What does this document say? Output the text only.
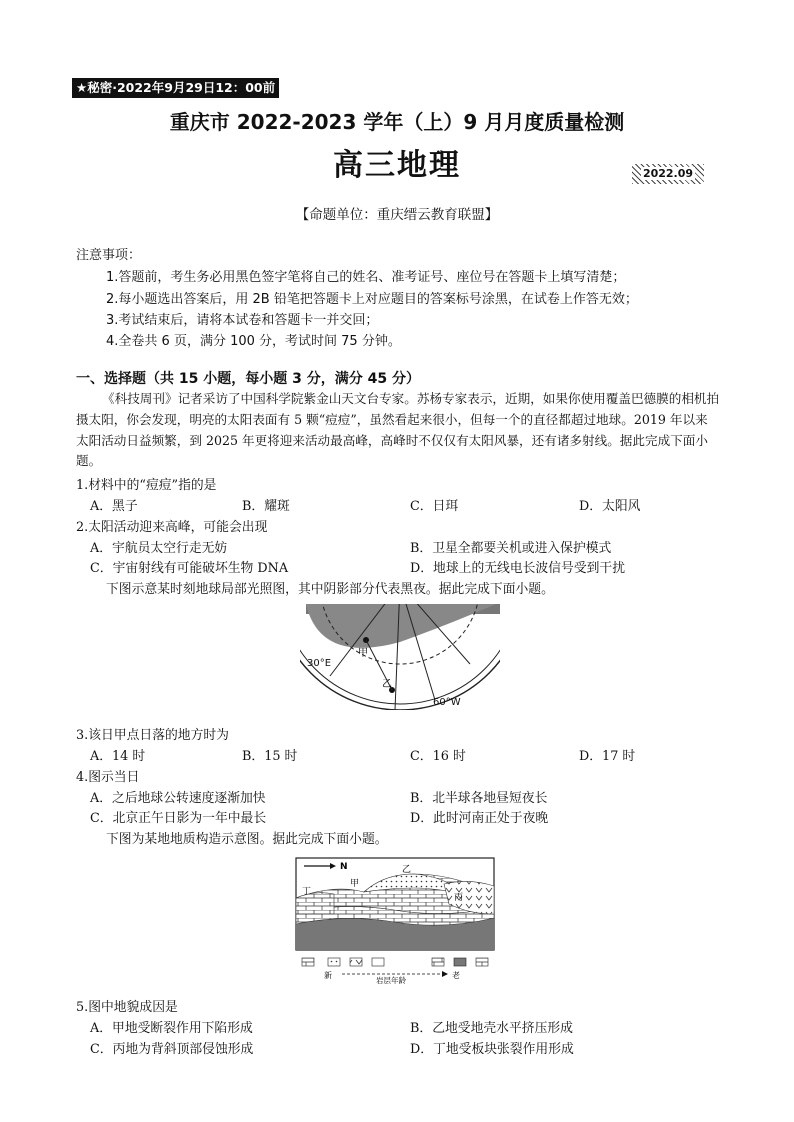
★秘密·2022年9月29日12：00前
重庆市 2022-2023 学年（上）9 月月度质量检测
高三地理	2022.09
【命题单位：重庆缙云教育联盟】
注意事项：
1.答题前，考生务必用黑色签字笔将自己的姓名、准考证号、座位号在答题卡上填写清楚；
2.每小题选出答案后，用 2B 铅笔把答题卡上对应题目的答案标号涂黑，在试卷上作答无效；
3.考试结束后，请将本试卷和答题卡一并交回；
4.全卷共 6 页，满分 100 分，考试时间 75 分钟。
一、选择题（共 15 小题，每小题 3 分，满分 45 分）
《科技周刊》记者采访了中国科学院紫金山天文台专家。苏杨专家表示，近期，如果你使用覆盖巴德膜的相机拍摄太阳，你会发现，明亮的太阳表面有 5 颗“痘痘”，虽然看起来很小，但每一个的直径都超过地球。2019 年以来太阳活动日益频繁，到 2025 年更将迎来活动最高峰，高峰时不仅仅有太阳风暴，还有诸多射线。据此完成下面小题。
1.材料中的“痘痘”指的是
A．黑子	B．耀斑	C．日珥	D．太阳风
2.太阳活动迎来高峰，可能会出现
A．宇航员太空行走无妨	B．卫星全都要关机或进入保护模式
C．宇宙射线有可能破坏生物 DNA	D．地球上的无线电长波信号受到干扰
下图示意某时刻地球局部光照图，其中阴影部分代表黑夜。据此完成下面小题。
甲
乙
30°E
60°W
3.该日甲点日落的地方时为
A．14 时	B．15 时	C．16 时	D．17 时
4.图示当日
A．之后地球公转速度逐渐加快	B．北半球各地昼短夜长
C．北京正午日影为一年中最长	D．此时河南正处于夜晚
下图为某地地质构造示意图。据此完成下面小题。
N
甲
乙
丙
丁
新	老
岩层年龄
5.图中地貌成因是
A．甲地受断裂作用下陷形成	B．乙地受地壳水平挤压形成
C．丙地为背斜顶部侵蚀形成	D．丁地受板块张裂作用形成
